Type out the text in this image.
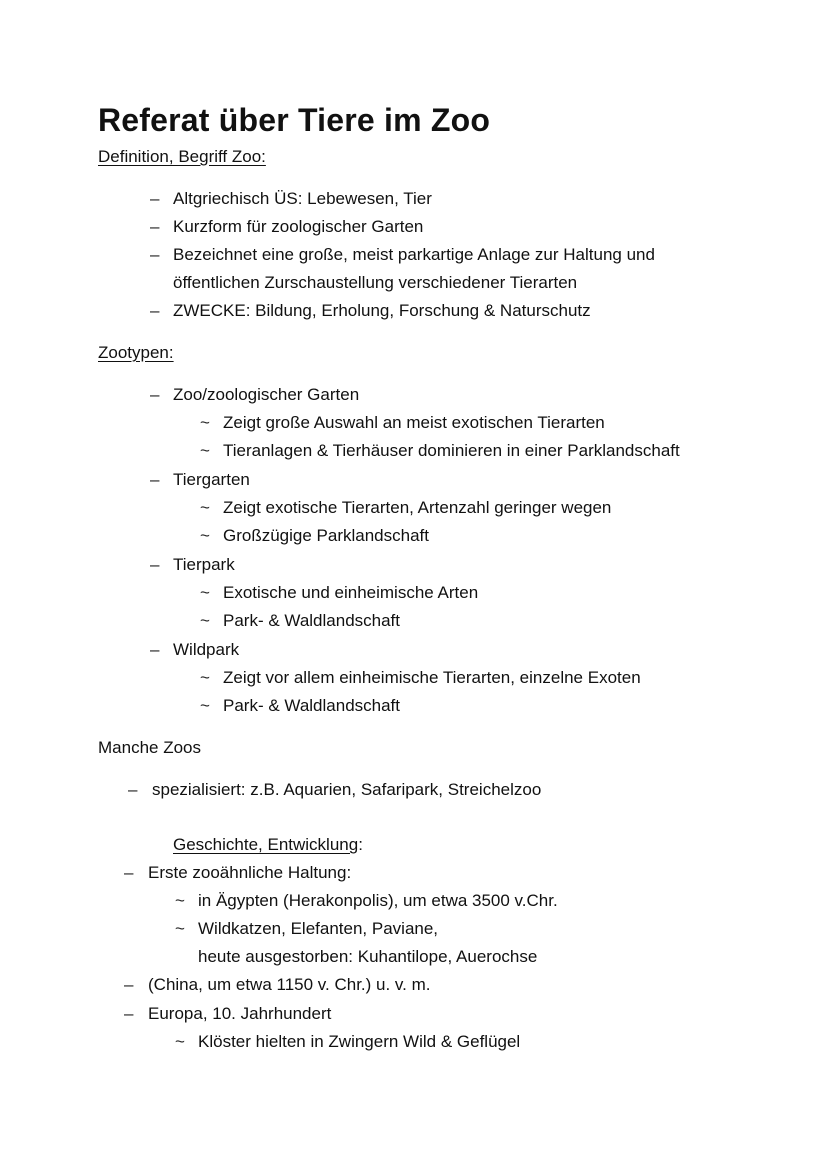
Referat über Tiere im Zoo
Definition, Begriff Zoo:
– Altgriechisch ÜS: Lebewesen, Tier
– Kurzform für zoologischer Garten
– Bezeichnet eine große, meist parkartige Anlage zur Haltung und
öffentlichen Zurschaustellung verschiedener Tierarten
– ZWECKE: Bildung, Erholung, Forschung & Naturschutz
Zootypen:
– Zoo/zoologischer Garten
~ Zeigt große Auswahl an meist exotischen Tierarten
~ Tieranlagen & Tierhäuser dominieren in einer Parklandschaft
– Tiergarten
~ Zeigt exotische Tierarten, Artenzahl geringer wegen
~ Großzügige Parklandschaft
– Tierpark
~ Exotische und einheimische Arten
~ Park- & Waldlandschaft
– Wildpark
~ Zeigt vor allem einheimische Tierarten, einzelne Exoten
~ Park- & Waldlandschaft
Manche Zoos
– spezialisiert: z.B. Aquarien, Safaripark, Streichelzoo
Geschichte, Entwicklung:
– Erste zooähnliche Haltung:
~ in Ägypten (Herakonpolis), um etwa 3500 v.Chr.
~ Wildkatzen, Elefanten, Paviane,
heute ausgestorben: Kuhantilope, Auerochse
– (China, um etwa 1150 v. Chr.) u. v. m.
– Europa, 10. Jahrhundert
~ Klöster hielten in Zwingern Wild & Geflügel
